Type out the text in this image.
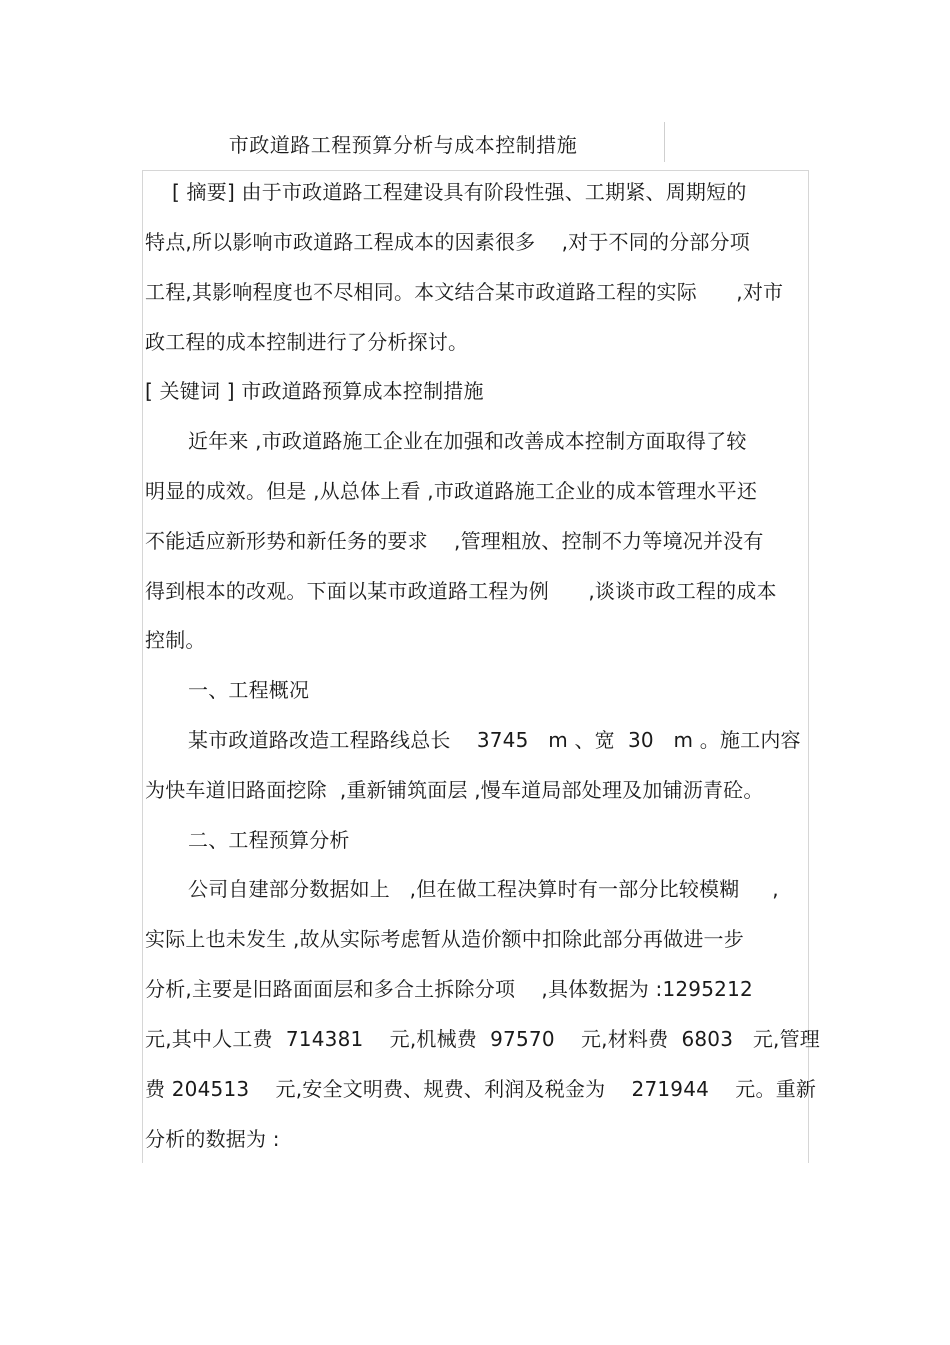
市政道路工程预算分析与成本控制措施
[ 摘要] 由于市政道路工程建设具有阶段性强、工期紧、周期短的
特点,所以影响市政道路工程成本的因素很多    ,对于不同的分部分项
工程,其影响程度也不尽相同。本文结合某市政道路工程的实际      ,对市
政工程的成本控制进行了分析探讨。
[ 关键词 ] 市政道路预算成本控制措施
近年来 ,市政道路施工企业在加强和改善成本控制方面取得了较
明显的成效。但是 ,从总体上看 ,市政道路施工企业的成本管理水平还
不能适应新形势和新任务的要求    ,管理粗放、控制不力等境况并没有
得到根本的改观。下面以某市政道路工程为例      ,谈谈市政工程的成本
控制。
一、工程概况
某市政道路改造工程路线总长    3745   m 、宽  30   m 。施工内容
为快车道旧路面挖除  ,重新铺筑面层 ,慢车道局部处理及加铺沥青砼。
二、工程预算分析
公司自建部分数据如上   ,但在做工程决算时有一部分比较模糊     ,
实际上也未发生 ,故从实际考虑暂从造价额中扣除此部分再做进一步
分析,主要是旧路面面层和多合土拆除分项    ,具体数据为 :1295212
元,其中人工费  714381    元,机械费  97570    元,材料费  6803   元,管理
费 204513    元,安全文明费、规费、利润及税金为    271944    元。重新
分析的数据为 :
